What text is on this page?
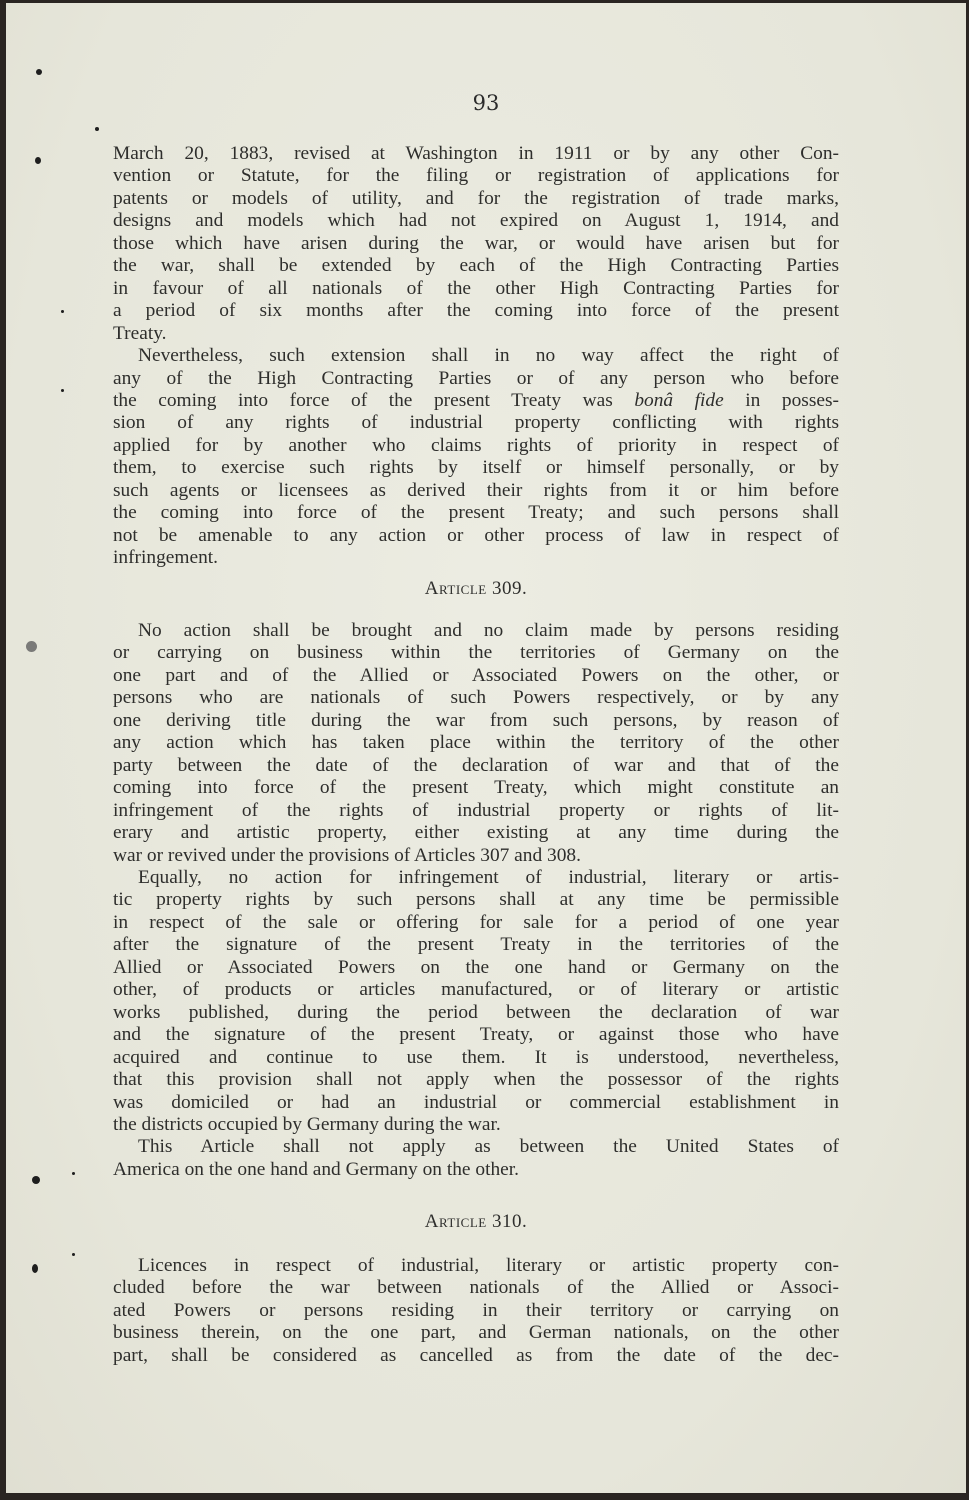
93

March 20, 1883, revised at Washington in 1911 or by any other Con-
vention or Statute, for the filing or registration of applications for
patents or models of utility, and for the registration of trade marks,
designs and models which had not expired on August 1, 1914, and
those which have arisen during the war, or would have arisen but for
the war, shall be extended by each of the High Contracting Parties
in favour of all nationals of the other High Contracting Parties for
a period of six months after the coming into force of the present
Treaty.

Nevertheless, such extension shall in no way affect the right of
any of the High Contracting Parties or of any person who before
the coming into force of the present Treaty was bonâ fide in posses-
sion of any rights of industrial property conflicting with rights
applied for by another who claims rights of priority in respect of
them, to exercise such rights by itself or himself personally, or by
such agents or licensees as derived their rights from it or him before
the coming into force of the present Treaty; and such persons shall
not be amenable to any action or other process of law in respect of
infringement.

Article 309.

No action shall be brought and no claim made by persons residing
or carrying on business within the territories of Germany on the
one part and of the Allied or Associated Powers on the other, or
persons who are nationals of such Powers respectively, or by any
one deriving title during the war from such persons, by reason of
any action which has taken place within the territory of the other
party between the date of the declaration of war and that of the
coming into force of the present Treaty, which might constitute an
infringement of the rights of industrial property or rights of lit-
erary and artistic property, either existing at any time during the
war or revived under the provisions of Articles 307 and 308.

Equally, no action for infringement of industrial, literary or artis-
tic property rights by such persons shall at any time be permissible
in respect of the sale or offering for sale for a period of one year
after the signature of the present Treaty in the territories of the
Allied or Associated Powers on the one hand or Germany on the
other, of products or articles manufactured, or of literary or artistic
works published, during the period between the declaration of war
and the signature of the present Treaty, or against those who have
acquired and continue to use them. It is understood, nevertheless,
that this provision shall not apply when the possessor of the rights
was domiciled or had an industrial or commercial establishment in
the districts occupied by Germany during the war.

This Article shall not apply as between the United States of
America on the one hand and Germany on the other.

Article 310.

Licences in respect of industrial, literary or artistic property con-
cluded before the war between nationals of the Allied or Associ-
ated Powers or persons residing in their territory or carrying on
business therein, on the one part, and German nationals, on the other
part, shall be considered as cancelled as from the date of the dec-
